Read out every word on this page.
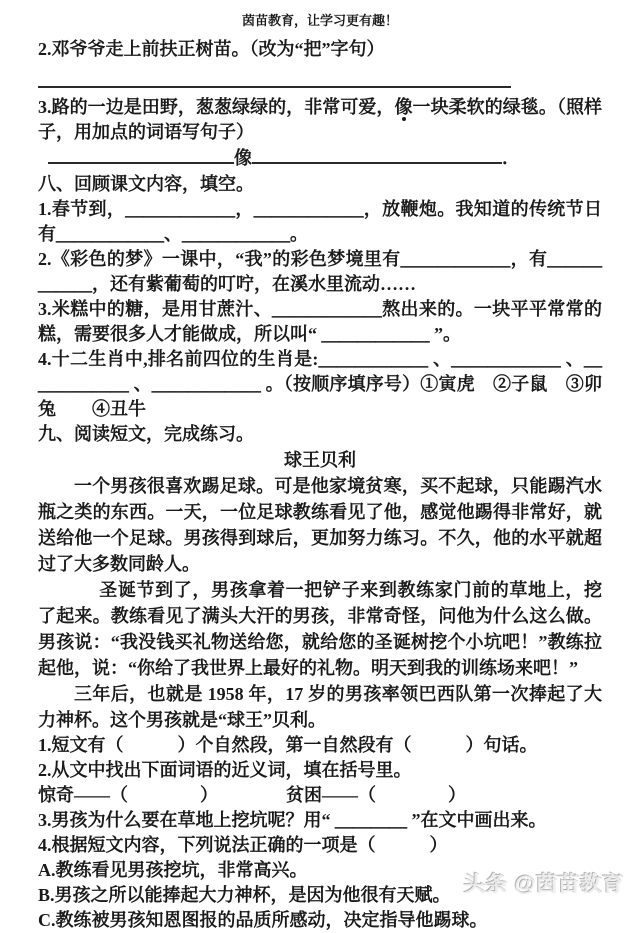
茵苗教育，让学习更有趣！

2.邓爷爷走上前扶正树苗。（改为“把”字句）

3.路的一边是田野，葱葱绿绿的，非常可爱，像一块柔软的绿毯。（照样子，用加点的词语写句子）

像	．

八、回顾课文内容，填空。

1.春节到，＿＿＿＿＿＿，＿＿＿＿＿＿，放鞭炮。我知道的传统节日有＿＿＿＿＿＿、＿＿＿＿＿＿。

2.《彩色的梦》一课中，“我”的彩色梦境里有＿＿＿＿＿＿，有＿＿＿＿＿＿，还有紫葡萄的叮咛，在溪水里流动……

3.米糕中的糖，是用甘蔗汁、＿＿＿＿＿＿熬出来的。一块平平常常的糕，需要很多人才能做成，所以叫“ ＿＿＿＿＿＿ ”。

4.十二生肖中,排名前四位的生肖是:＿＿＿＿＿＿ 、＿＿＿＿＿＿ 、＿＿＿＿＿＿ 、＿＿＿＿＿＿ 。（按顺序填序号）①寅虎　②子鼠　③卯兔　　④丑牛

九、阅读短文，完成练习。

球王贝利

一个男孩很喜欢踢足球。可是他家境贫寒，买不起球，只能踢汽水瓶之类的东西。一天，一位足球教练看见了他，感觉他踢得非常好，就送给他一个足球。男孩得到球后，更加努力练习。不久，他的水平就超过了大多数同龄人。

圣诞节到了，男孩拿着一把铲子来到教练家门前的草地上，挖了起来。教练看见了满头大汗的男孩，非常奇怪，问他为什么这么做。男孩说：“我没钱买礼物送给您，就给您的圣诞树挖个小坑吧！”教练拉起他，说：“你给了我世界上最好的礼物。明天到我的训练场来吧！”

三年后，也就是 1958 年，17 岁的男孩率领巴西队第一次捧起了大力神杯。这个男孩就是“球王”贝利。

1.短文有（　　　）个自然段，第一自然段有（　　　）句话。

2.从文中找出下面词语的近义词，填在括号里。

惊奇——（　　　　）	贫困——（　　　　）

3.男孩为什么要在草地上挖坑呢？用“ ＿＿＿＿ ”在文中画出来。

4.根据短文内容，下列说法正确的一项是（　　　）

A.教练看见男孩挖坑，非常高兴。

B.男孩之所以能捧起大力神杯，是因为他很有天赋。

C.教练被男孩知恩图报的品质所感动，决定指导他踢球。

头条 @茵苗教育
